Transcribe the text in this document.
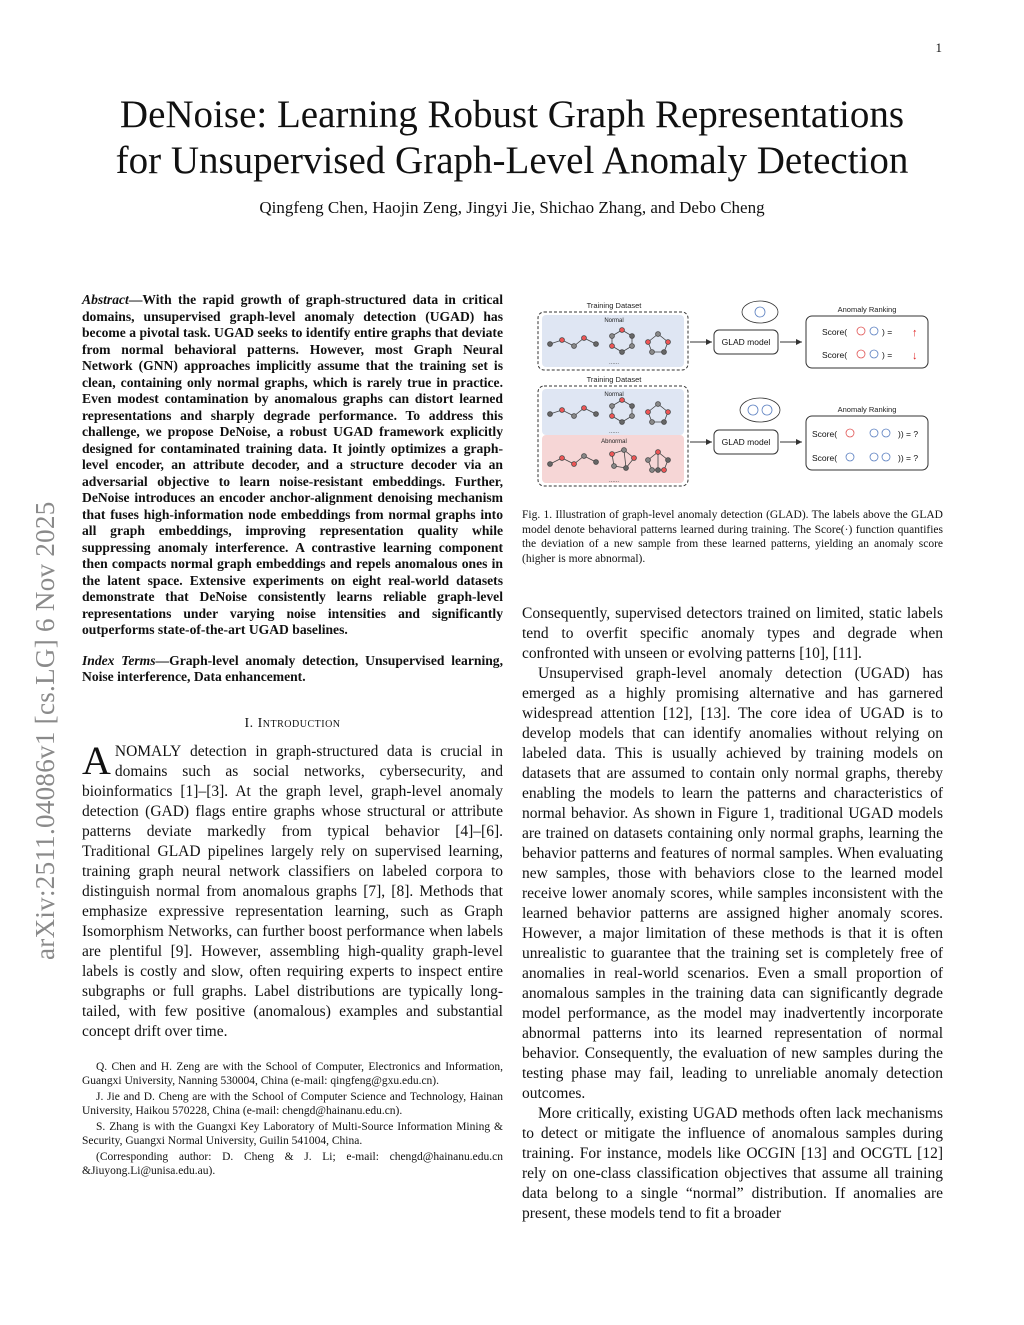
1
arXiv:2511.04086v1 [cs.LG] 6 Nov 2025
DeNoise: Learning Robust Graph Representations
for Unsupervised Graph-Level Anomaly Detection
Qingfeng Chen, Haojin Zeng, Jingyi Jie, Shichao Zhang, and Debo Cheng

Abstract—With the rapid growth of graph-structured data in critical domains, unsupervised graph-level anomaly detection (UGAD) has become a pivotal task. UGAD seeks to identify entire graphs that deviate from normal behavioral patterns. However, most Graph Neural Network (GNN) approaches implicitly assume that the training set is clean, containing only normal graphs, which is rarely true in practice. Even modest contamination by anomalous graphs can distort learned representations and sharply degrade performance. To address this challenge, we propose DeNoise, a robust UGAD framework explicitly designed for contaminated training data. It jointly optimizes a graph-level encoder, an attribute decoder, and a structure decoder via an adversarial objective to learn noise-resistant embeddings. Further, DeNoise introduces an encoder anchor-alignment denoising mechanism that fuses high-information node embeddings from normal graphs into all graph embeddings, improving representation quality while suppressing anomaly interference. A contrastive learning component then compacts normal graph embeddings and repels anomalous ones in the latent space. Extensive experiments on eight real-world datasets demonstrate that DeNoise consistently learns reliable graph-level representations under varying noise intensities and significantly outperforms state-of-the-art UGAD baselines.

Index Terms—Graph-level anomaly detection, Unsupervised learning, Noise interference, Data enhancement.

I. Introduction

ANOMALY detection in graph-structured data is crucial in domains such as social networks, cybersecurity, and bioinformatics [1]–[3]. At the graph level, graph-level anomaly detection (GAD) flags entire graphs whose structural or attribute patterns deviate markedly from typical behavior [4]–[6]. Traditional GLAD pipelines largely rely on supervised learning, training graph neural network classifiers on labeled corpora to distinguish normal from anomalous graphs [7], [8]. Methods that emphasize expressive representation learning, such as Graph Isomorphism Networks, can further boost performance when labels are plentiful [9]. However, assembling high-quality graph-level labels is costly and slow, often requiring experts to inspect entire subgraphs or full graphs. Label distributions are typically long-tailed, with few positive (anomalous) examples and substantial concept drift over time.

Q. Chen and H. Zeng are with the School of Computer, Electronics and Information, Guangxi University, Nanning 530004, China (e-mail: qingfeng@gxu.edu.cn).

J. Jie and D. Cheng are with the School of Computer Science and Technology, Hainan University, Haikou 570228, China (e-mail: chengd@hainanu.edu.cn).

S. Zhang is with the Guangxi Key Laboratory of Multi-Source Information Mining & Security, Guangxi Normal University, Guilin 541004, China.

(Corresponding author: D. Cheng & J. Li; e-mail: chengd@hainanu.edu.cn &Jiuyong.Li@unisa.edu.au).

Training Dataset
Normal
......
GLAD model
Anomaly Ranking
Score(	) = ↑
Score(	) = ↓
Training Dataset
Normal
Abnormal
......
......
GLAD model
Anomaly Ranking
Score(	)) = ?
Score(	)) = ?

Fig. 1. Illustration of graph-level anomaly detection (GLAD). The labels above the GLAD model denote behavioral patterns learned during training. The Score(·) function quantifies the deviation of a new sample from these learned patterns, yielding an anomaly score (higher is more abnormal).

Consequently, supervised detectors trained on limited, static labels tend to overfit specific anomaly types and degrade when confronted with unseen or evolving patterns [10], [11].

Unsupervised graph-level anomaly detection (UGAD) has emerged as a highly promising alternative and has garnered widespread attention [12], [13]. The core idea of UGAD is to develop models that can identify anomalies without relying on labeled data. This is usually achieved by training models on datasets that are assumed to contain only normal graphs, thereby enabling the models to learn the patterns and characteristics of normal behavior. As shown in Figure 1, traditional UGAD models are trained on datasets containing only normal graphs, learning the behavior patterns and features of normal samples. When evaluating new samples, those with behaviors close to the learned model receive lower anomaly scores, while samples inconsistent with the learned behavior patterns are assigned higher anomaly scores. However, a major limitation of these methods is that it is often unrealistic to guarantee that the training set is completely free of anomalies in real-world scenarios. Even a small proportion of anomalous samples in the training data can significantly degrade model performance, as the model may inadvertently incorporate abnormal patterns into its learned representation of normal behavior. Consequently, the evaluation of new samples during the testing phase may fail, leading to unreliable anomaly detection outcomes.

More critically, existing UGAD methods often lack mechanisms to detect or mitigate the influence of anomalous samples during training. For instance, models like OCGIN [13] and OCGTL [12] rely on one-class classification objectives that assume all training data belong to a single “normal” distribution. If anomalies are present, these models tend to fit a broader
